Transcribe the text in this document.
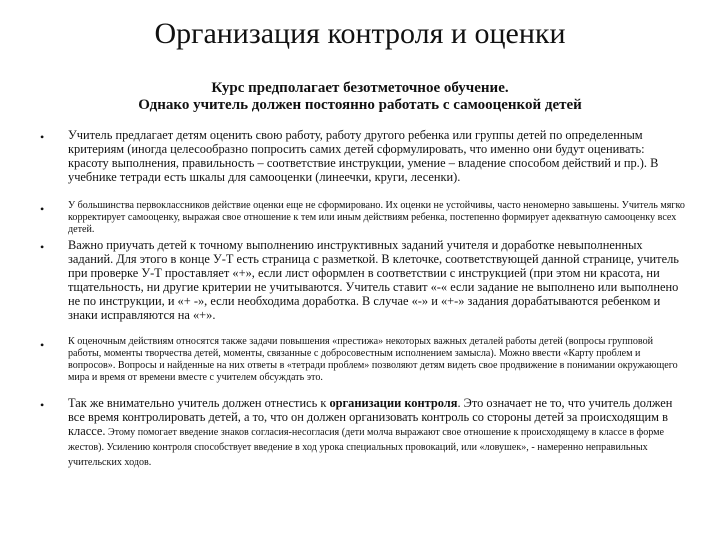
Организация контроля и оценки
Курс предполагает безотметочное обучение.
Однако учитель должен постоянно работать с самооценкой детей
• Учитель предлагает детям оценить свою работу, работу другого ребенка или группы детей по определенным критериям (иногда целесообразно попросить самих детей сформулировать, что именно они будут оценивать: красоту выполнения, правильность – соответствие инструкции, умение – владение способом действий и пр.). В учебнике тетради есть шкалы для самооценки (линеечки, круги, лесенки).

• У большинства первоклассников действие оценки еще не сформировано. Их оценки не устойчивы, часто неномерно завышены. Учитель мягко корректирует самооценку, выражая свое отношение к тем или иным действиям ребенка, постепенно формирует адекватную самооценку всех детей.

• Важно приучать детей к точному выполнению инструктивных заданий учителя и доработке невыполненных заданий. Для этого в конце У-Т есть страница с разметкой. В клеточке, соответствующей данной странице, учитель при проверке У-Т проставляет «+», если лист оформлен в соответствии с инструкцией (при этом ни красота, ни тщательность, ни другие критерии не учитываются. Учитель ставит «-« если задание не выполнено или выполнено не по инструкции, и «+ -», если необходима доработка. В случае «-» и «+-» задания дорабатываются ребенком и знаки исправляются на «+».

• К оценочным действиям относятся также задачи повышения «престижа» некоторых важных деталей работы детей (вопросы групповой работы, моменты творчества детей, моменты, связанные с добросовестным исполнением замысла). Можно ввести «Карту проблем и вопросов». Вопросы и найденные на них ответы в «тетради проблем» позволяют детям видеть свое продвижение в понимании окружающего мира и время от времени вместе с учителем обсуждать это.

• Так же внимательно учитель должен отнестись к организации контроля. Это означает не то, что учитель должен все время контролировать детей, а то, что он должен организовать контроль со стороны детей за происходящим в классе. Этому помогает введение знаков согласия-несогласия (дети молча выражают свое отношение к происходящему в классе в форме жестов). Усилению контроля способствует введение в ход урока специальных провокаций, или «ловушек», - намеренно неправильных учительских ходов.
